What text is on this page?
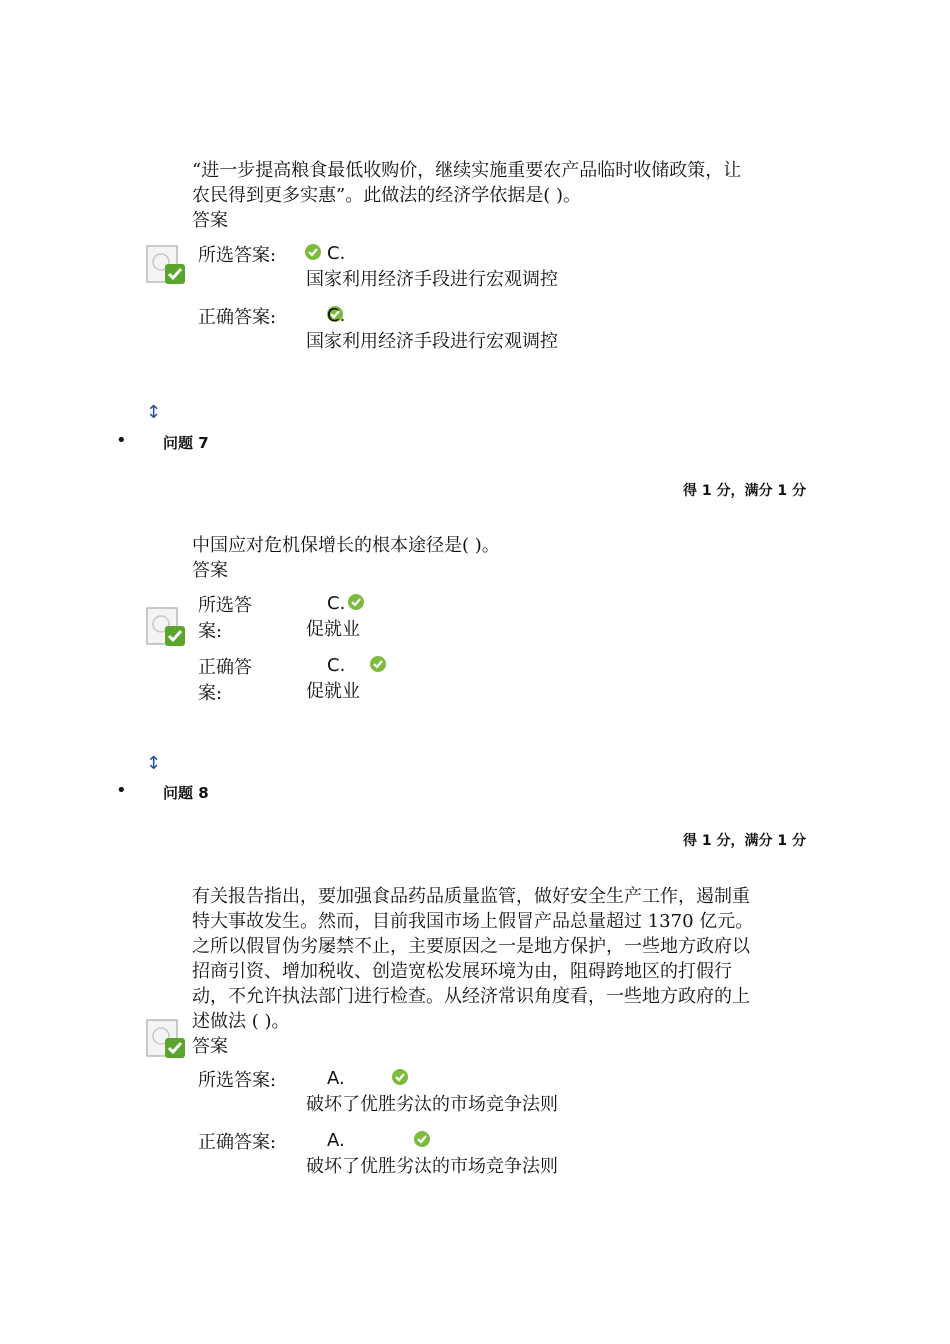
“进一步提高粮食最低收购价，继续实施重要农产品临时收储政策，让
农民得到更多实惠”。此做法的经济学依据是( )。
答案
所选答案:
	C.
国家利用经济手段进行宏观调控
正确答案:
	C.
国家利用经济手段进行宏观调控
↕
• 问题 7
得 1 分，满分 1 分
中国应对危机保增长的根本途径是( )。
答案
所选答
案:

C.
促就业
正确答
案:

C.
促就业
↕
• 问题 8
得 1 分，满分 1 分
有关报告指出，要加强食品药品质量监管，做好安全生产工作，遏制重
特大事故发生。然而，目前我国市场上假冒产品总量超过 1370 亿元。
之所以假冒伪劣屡禁不止，主要原因之一是地方保护，一些地方政府以
招商引资、增加税收、创造宽松发展环境为由，阻碍跨地区的打假行
动，不允许执法部门进行检查。从经济常识角度看，一些地方政府的上
述做法 ( )。
答案
所选答案:
	A.
破坏了优胜劣汰的市场竞争法则
正确答案:	A.
破坏了优胜劣汰的市场竞争法则
